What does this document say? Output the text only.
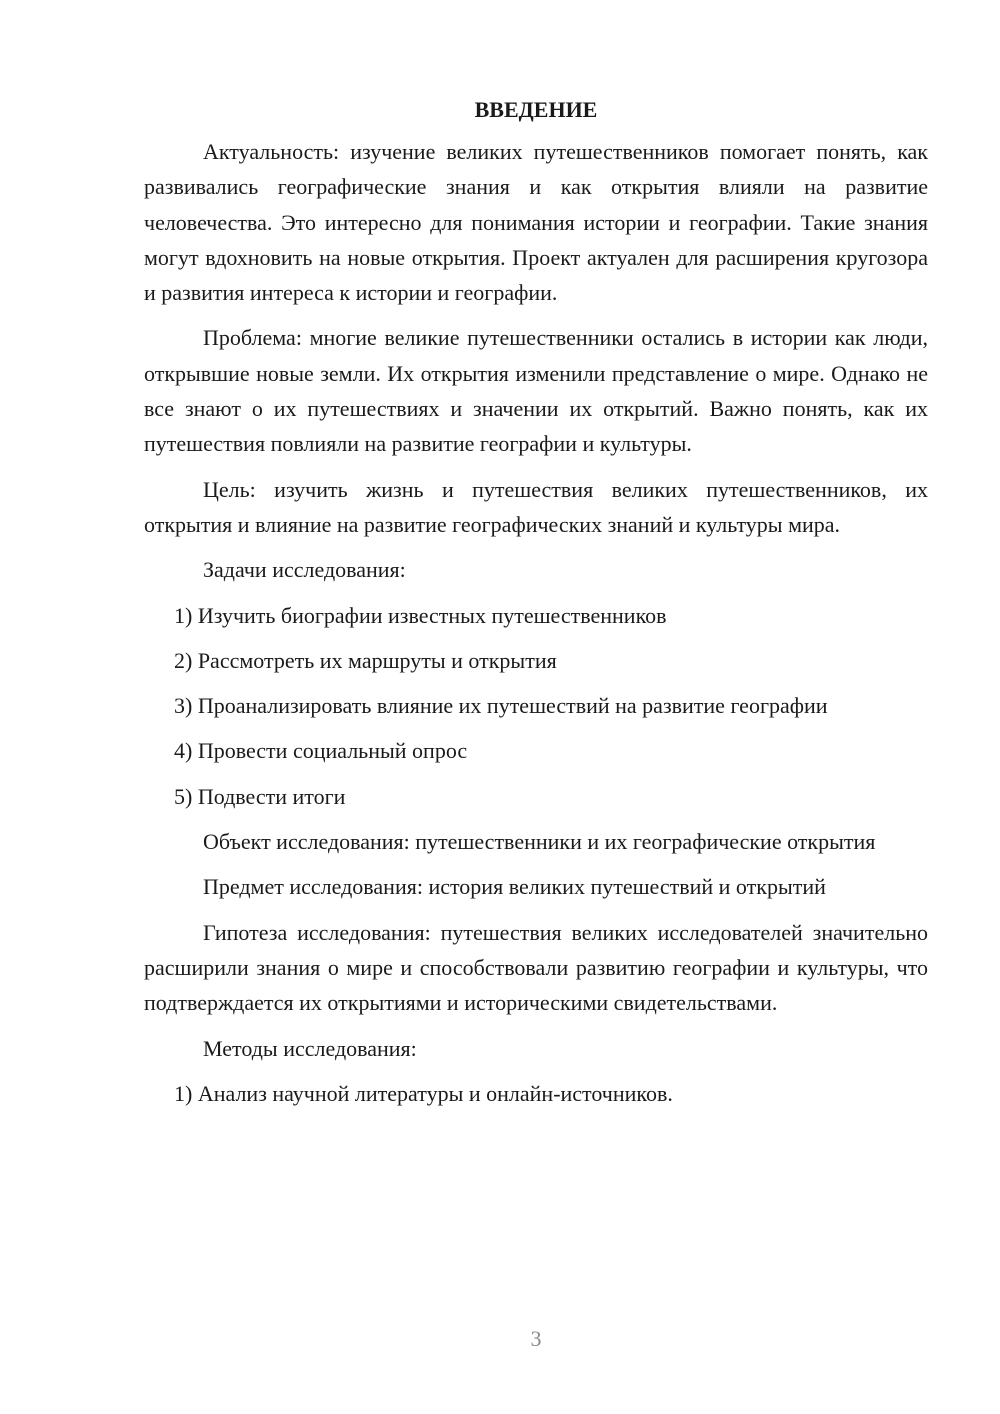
ВВЕДЕНИЕ

Актуальность: изучение великих путешественников помогает понять, как развивались географические знания и как открытия влияли на развитие человечества. Это интересно для понимания истории и географии. Такие знания могут вдохновить на новые открытия. Проект актуален для расширения кругозора и развития интереса к истории и географии.

Проблема: многие великие путешественники остались в истории как люди, открывшие новые земли. Их открытия изменили представление о мире. Однако не все знают о их путешествиях и значении их открытий. Важно понять, как их путешествия повлияли на развитие географии и культуры.

Цель: изучить жизнь и путешествия великих путешественников, их открытия и влияние на развитие географических знаний и культуры мира.

Задачи исследования:
1) Изучить биографии известных путешественников
2) Рассмотреть их маршруты и открытия
3) Проанализировать влияние их путешествий на развитие географии
4) Провести социальный опрос
5) Подвести итоги

Объект исследования: путешественники и их географические открытия

Предмет исследования: история великих путешествий и открытий

Гипотеза исследования: путешествия великих исследователей значительно расширили знания о мире и способствовали развитию географии и культуры, что подтверждается их открытиями и историческими свидетельствами.

Методы исследования:
1) Анализ научной литературы и онлайн-источников.
3
